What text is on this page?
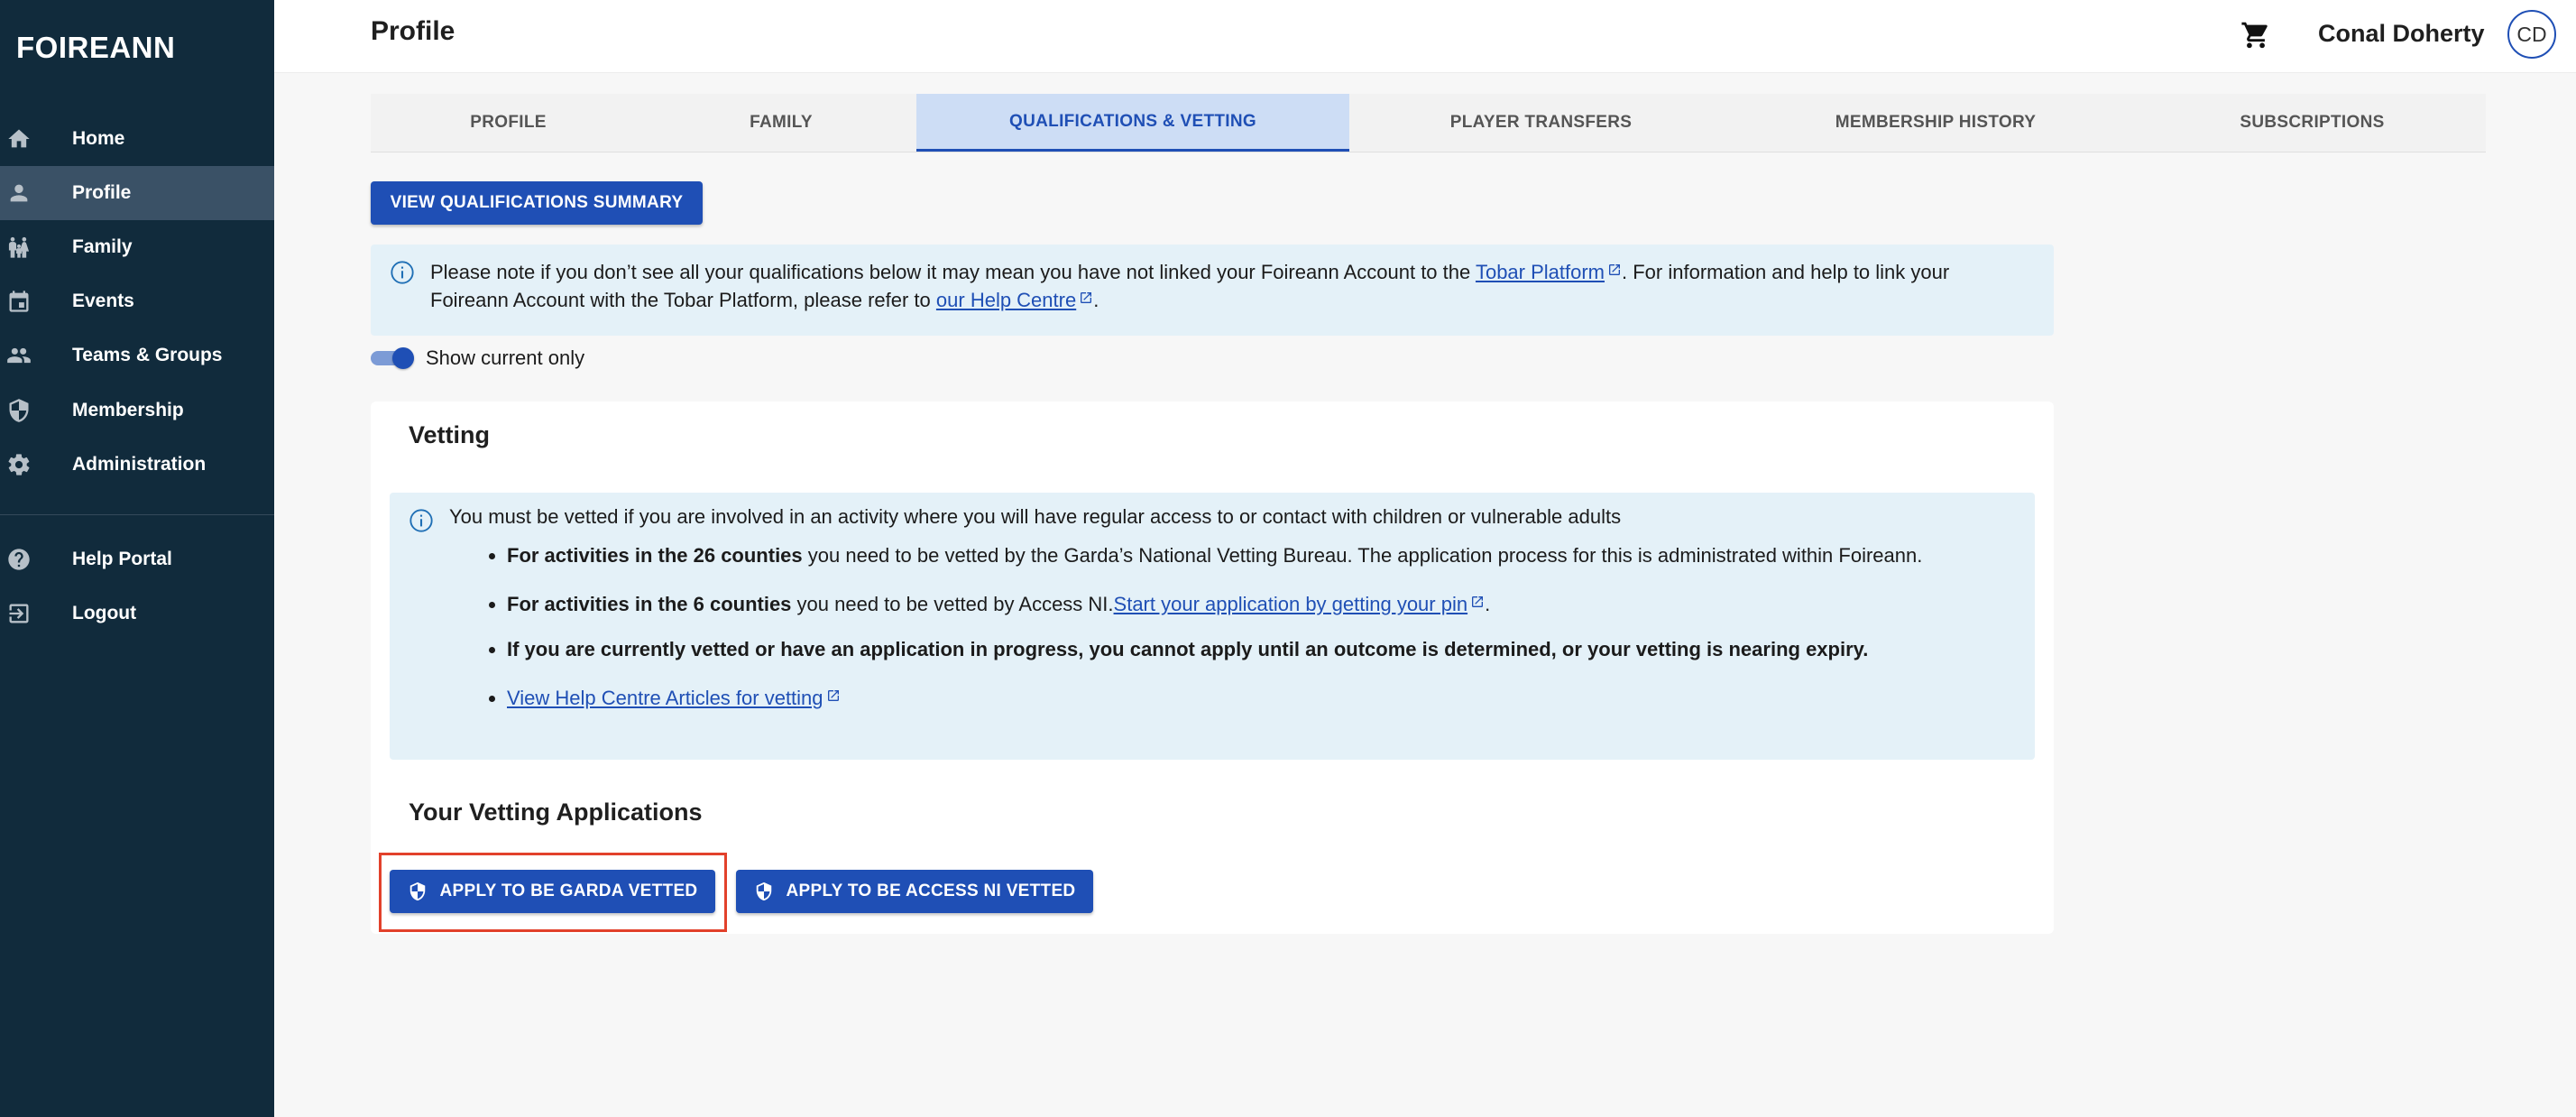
FOIREANN
Home
Profile
Family
Events
Teams & Groups
Membership
Administration
Help Portal
Logout
Profile	Conal Doherty	CD
PROFILE	FAMILY	QUALIFICATIONS & VETTING	PLAYER TRANSFERS	MEMBERSHIP HISTORY	SUBSCRIPTIONS
VIEW QUALIFICATIONS SUMMARY
Please note if you don’t see all your qualifications below it may mean you have not linked your Foireann Account to the Tobar Platform . For information and help to link your Foireann Account with the Tobar Platform, please refer to our Help Centre .
Show current only
Vetting
You must be vetted if you are involved in an activity where you will have regular access to or contact with children or vulnerable adults
• For activities in the 26 counties you need to be vetted by the Garda’s National Vetting Bureau. The application process for this is administrated within Foireann.
• For activities in the 6 counties you need to be vetted by Access NI.Start your application by getting your pin .
• If you are currently vetted or have an application in progress, you cannot apply until an outcome is determined, or your vetting is nearing expiry.
• View Help Centre Articles for vetting
Your Vetting Applications
APPLY TO BE GARDA VETTED	APPLY TO BE ACCESS NI VETTED
